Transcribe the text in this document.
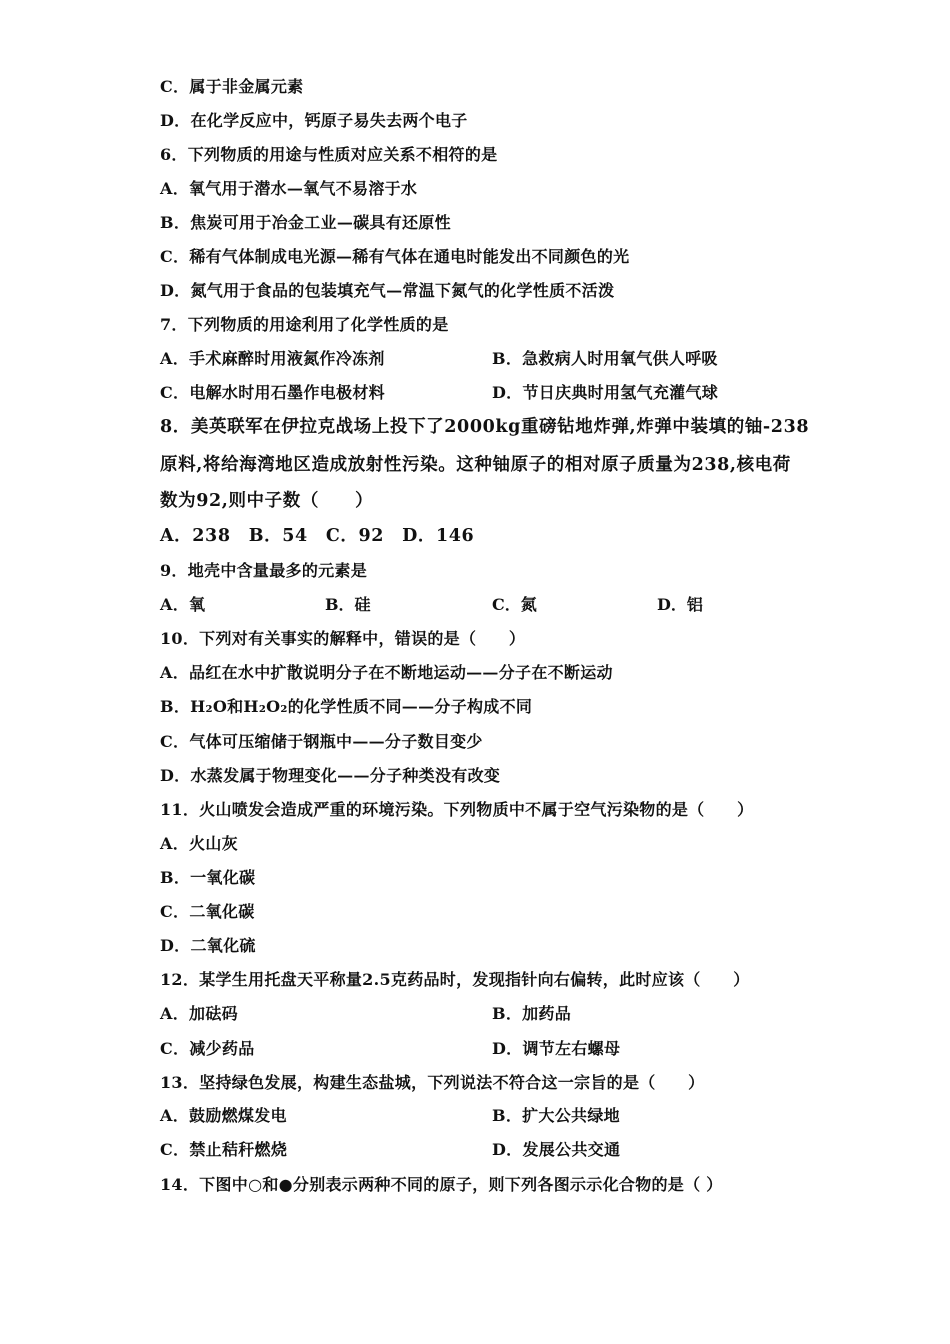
C．属于非金属元素

D．在化学反应中，钙原子易失去两个电子

6．下列物质的用途与性质对应关系不相符的是

A．氧气用于潜水—氧气不易溶于水

B．焦炭可用于冶金工业—碳具有还原性

C．稀有气体制成电光源—稀有气体在通电时能发出不同颜色的光

D．氮气用于食品的包装填充气—常温下氮气的化学性质不活泼

7．下列物质的用途利用了化学性质的是

A．手术麻醉时用液氮作冷冻剂	B．急救病人时用氧气供人呼吸

C．电解水时用石墨作电极材料	D．节日庆典时用氢气充灌气球

8．美英联军在伊拉克战场上投下了2000kg重磅钻地炸弹,炸弹中装填的铀-238

原料,将给海湾地区造成放射性污染。这种铀原子的相对原子质量为238,核电荷

数为92,则中子数（　　）

A．238　B．54　C．92　D．146

9．地壳中含量最多的元素是

A．氧	B．硅	C．氮	D．铝

10．下列对有关事实的解释中，错误的是（　　）

A．品红在水中扩散说明分子在不断地运动——分子在不断运动

B．H₂O和H₂O₂的化学性质不同——分子构成不同

C．气体可压缩储于钢瓶中——分子数目变少

D．水蒸发属于物理变化——分子种类没有改变

11．火山喷发会造成严重的环境污染。下列物质中不属于空气污染物的是（　　）

A．火山灰

B．一氧化碳

C．二氧化碳

D．二氧化硫

12．某学生用托盘天平称量2.5克药品时，发现指针向右偏转，此时应该（　　）

A．加砝码	B．加药品

C．减少药品	D．调节左右螺母

13．坚持绿色发展，构建生态盐城，下列说法不符合这一宗旨的是（　　）

A．鼓励燃煤发电	B．扩大公共绿地

C．禁止秸秆燃烧	D．发展公共交通

14．下图中○和●分别表示两种不同的原子，则下列各图示示化合物的是（ ）
